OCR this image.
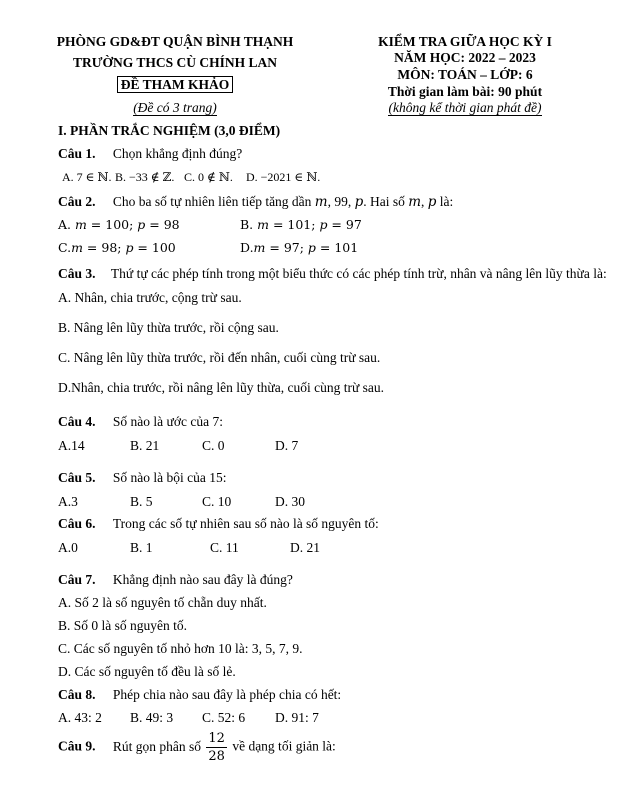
PHÒNG GD&ĐT QUẬN BÌNH THẠNH
TRƯỜNG THCS CÙ CHÍNH LAN
ĐỀ THAM KHẢO
(Đề có 3 trang)
KIỂM TRA GIỮA HỌC KỲ I
NĂM HỌC: 2022 – 2023
MÔN: TOÁN – LỚP: 6
Thời gian làm bài: 90 phút
(không kể thời gian phát đề)
I. PHẦN TRẮC NGHIỆM (3,0 ĐIỂM)
Câu 1. Chọn khẳng định đúng?
A. 7 ∈ ℕ. B. −33 ∉ ℤ. C. 0 ∉ ℕ. D. −2021 ∈ ℕ.
Câu 2. Cho ba số tự nhiên liên tiếp tăng dần 𝑚, 99, 𝑝. Hai số 𝑚, 𝑝 là:
A. 𝑚 = 100; 𝑝 = 98	B. 𝑚 = 101; 𝑝 = 97
C.𝑚 = 98; 𝑝 = 100	D.𝑚 = 97; 𝑝 = 101
Câu 3. Thứ tự các phép tính trong một biểu thức có các phép tính trừ, nhân và nâng lên lũy thừa là:
A. Nhân, chia trước, cộng trừ sau.
B. Nâng lên lũy thừa trước, rồi cộng sau.
C. Nâng lên lũy thừa trước, rồi đến nhân, cuối cùng trừ sau.
D.Nhân, chia trước, rồi nâng lên lũy thừa, cuối cùng trừ sau.
Câu 4. Số nào là ước của 7:
A.14	B. 21	C. 0	D. 7
Câu 5. Số nào là bội của 15:
A.3	B. 5	C. 10	D. 30
Câu 6. Trong các số tự nhiên sau số nào là số nguyên tố:
A.0	B. 1	C. 11	D. 21
Câu 7. Khẳng định nào sau đây là đúng?
A. Số 2 là số nguyên tố chẵn duy nhất.
B. Số 0 là số nguyên tố.
C. Các số nguyên tố nhỏ hơn 10 là: 3, 5, 7, 9.
D. Các số nguyên tố đều là số lẻ.
Câu 8. Phép chia nào sau đây là phép chia có hết:
A. 43: 2 B. 49: 3 C. 52: 6 D. 91: 7
Câu 9. Rút gọn phân số $\frac{12}{28}$ về dạng tối giản là:
